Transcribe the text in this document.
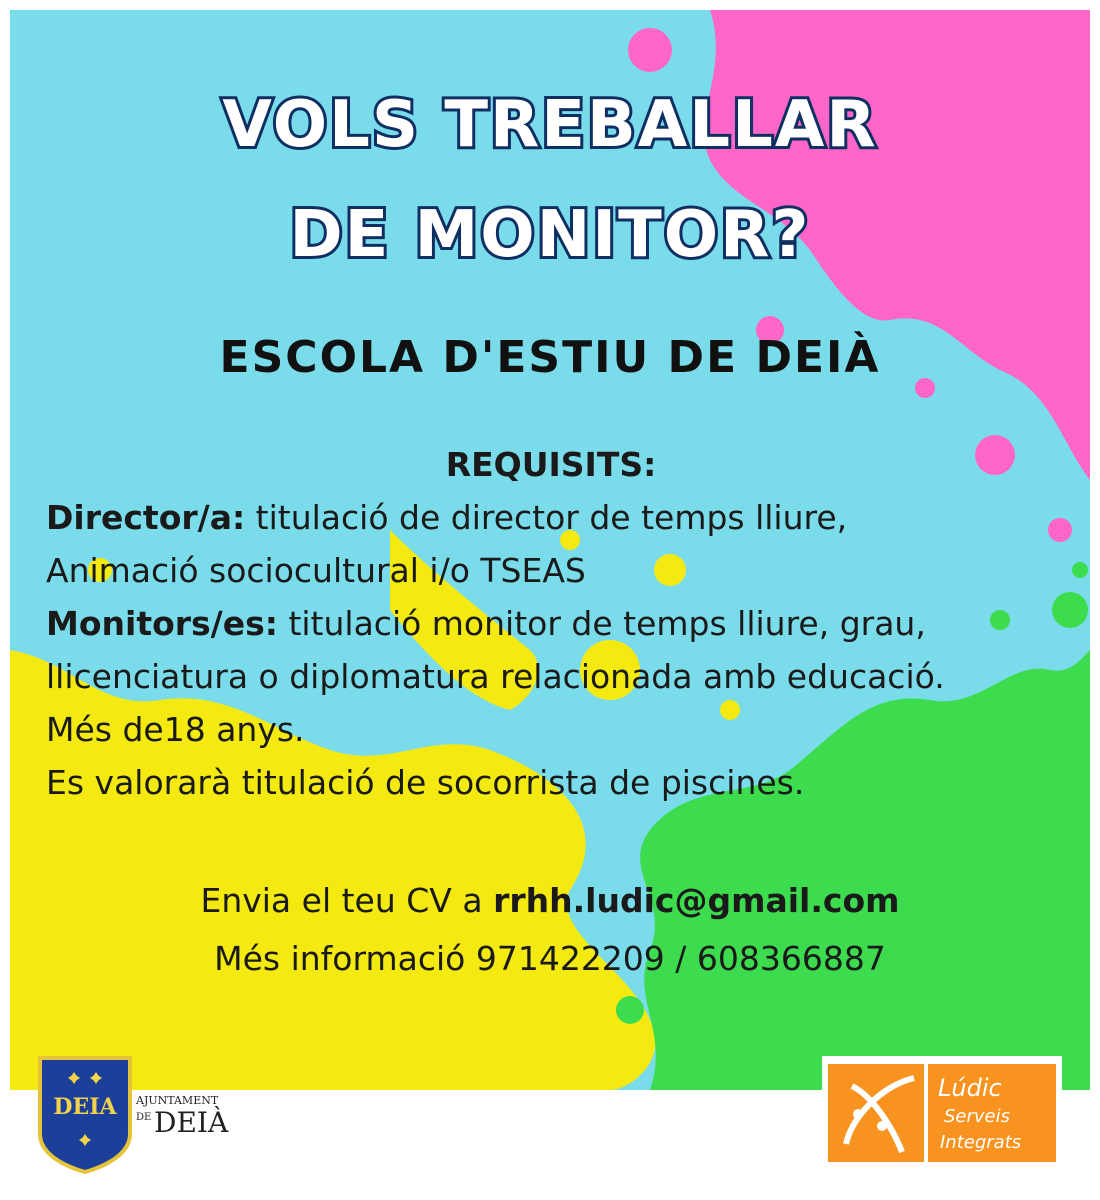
VOLS TREBALLAR
DE MONITOR?
ESCOLA D'ESTIU DE DEIÀ
REQUISITS:
Director/a: titulació de director de temps lliure,
Animació sociocultural i/o TSEAS
Monitors/es: titulació monitor de temps lliure, grau,
llicenciatura o diplomatura relacionada amb educació.
Més de18 anys.
Es valorarà titulació de socorrista de piscines.
Envia el teu CV a rrhh.ludic@gmail.com
Més informació 971422209 / 608366887
DEIA AJUNTAMENT
DE DEIÀ
Lúdic
Serveis
Integrats
